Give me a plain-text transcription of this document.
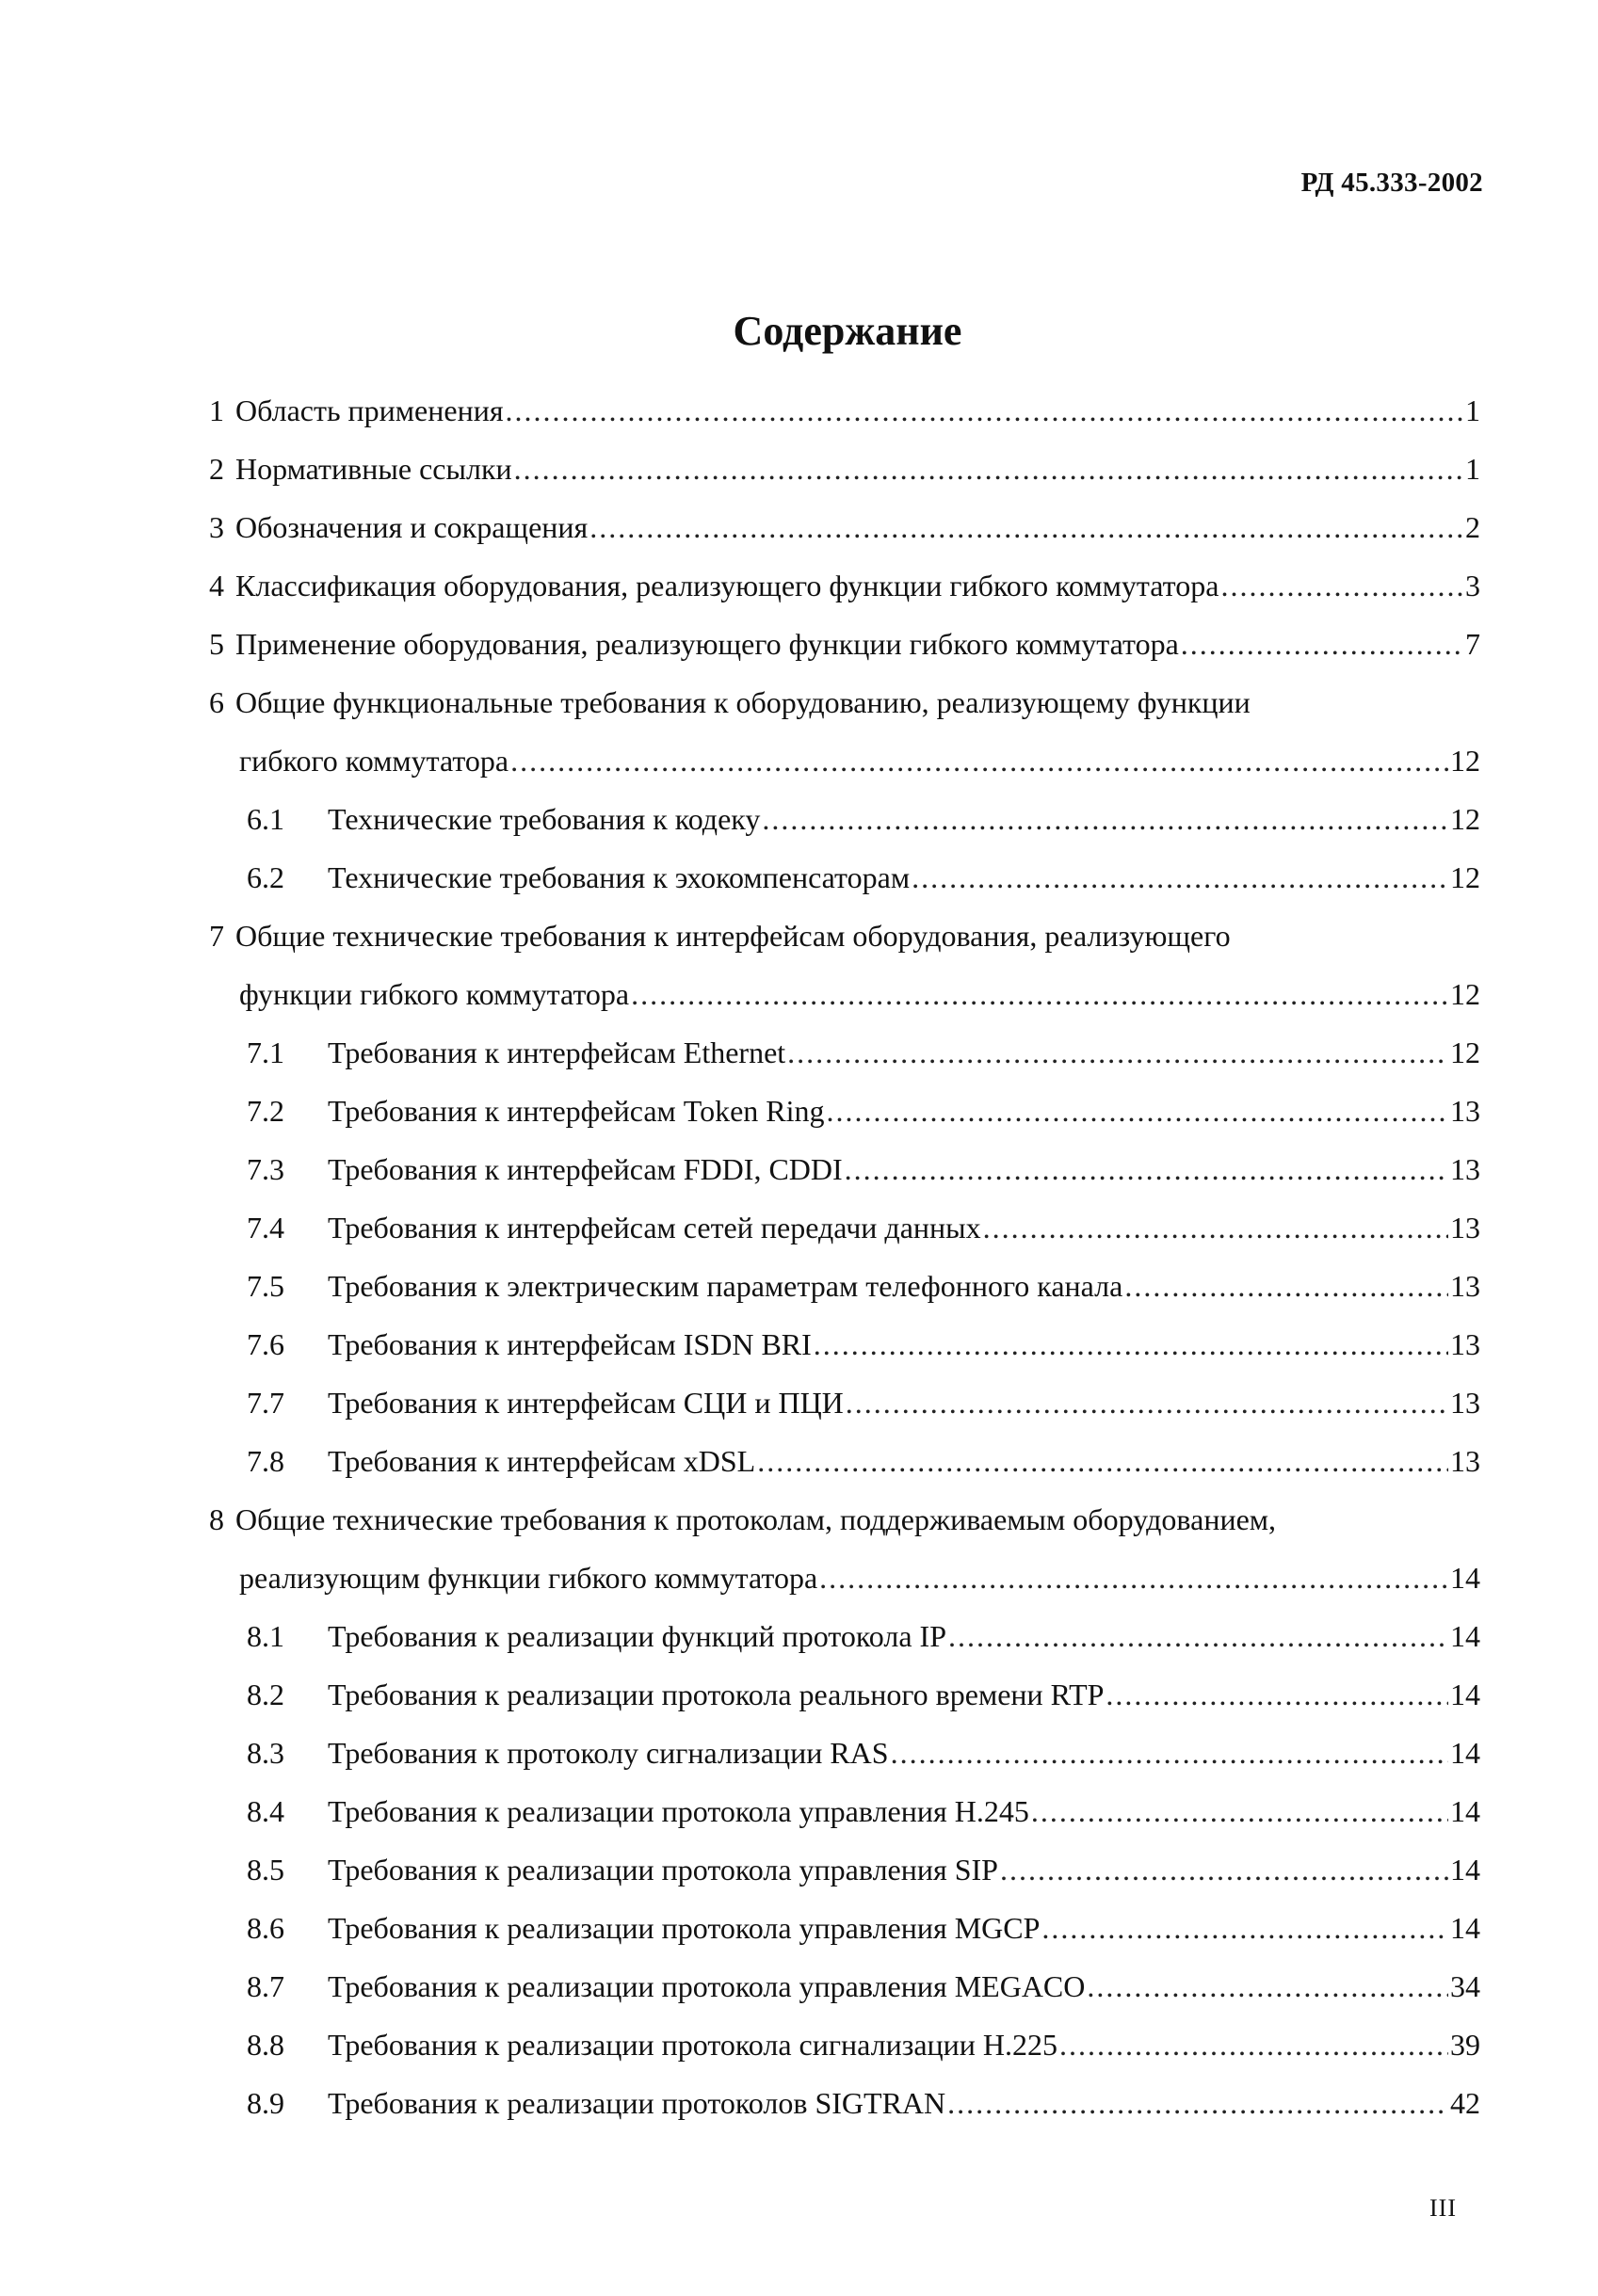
РД 45.333-2002
Содержание
1 Область применения .....	1
2 Нормативные ссылки .....	1
3 Обозначения и сокращения .....	2
4 Классификация оборудования, реализующего функции гибкого коммутатора .....	3
5 Применение оборудования, реализующего функции гибкого коммутатора .....	7
6 Общие функциональные требования к оборудованию, реализующему функции
гибкого коммутатора .....	12
6.1	Технические требования к кодеку .....	12
6.2	Технические требования к эхокомпенсаторам .....	12
7 Общие технические требования к интерфейсам оборудования, реализующего
функции гибкого коммутатора .....	12
7.1	Требования к интерфейсам Ethernet .....	12
7.2	Требования к интерфейсам Token Ring .....	13
7.3	Требования к интерфейсам FDDI, CDDI .....	13
7.4	Требования к интерфейсам сетей передачи данных .....	13
7.5	Требования к электрическим параметрам телефонного канала .....	13
7.6	Требования к интерфейсам ISDN BRI .....	13
7.7	Требования к интерфейсам СЦИ и ПЦИ .....	13
7.8	Требования к интерфейсам xDSL .....	13
8 Общие технические требования к протоколам, поддерживаемым оборудованием,
реализующим функции гибкого коммутатора .....	14
8.1	Требования к реализации функций протокола IP .....	14
8.2	Требования к реализации протокола реального времени RTP .....	14
8.3	Требования к протоколу сигнализации RAS .....	14
8.4	Требования к реализации протокола управления Н.245 .....	14
8.5	Требования к реализации протокола управления SIP .....	14
8.6	Требования к реализации протокола управления MGCP .....	14
8.7	Требования к реализации протокола управления MEGACO .....	34
8.8	Требования к реализации протокола сигнализации Н.225 .....	39
8.9	Требования к реализации протоколов SIGTRAN .....	42
III
